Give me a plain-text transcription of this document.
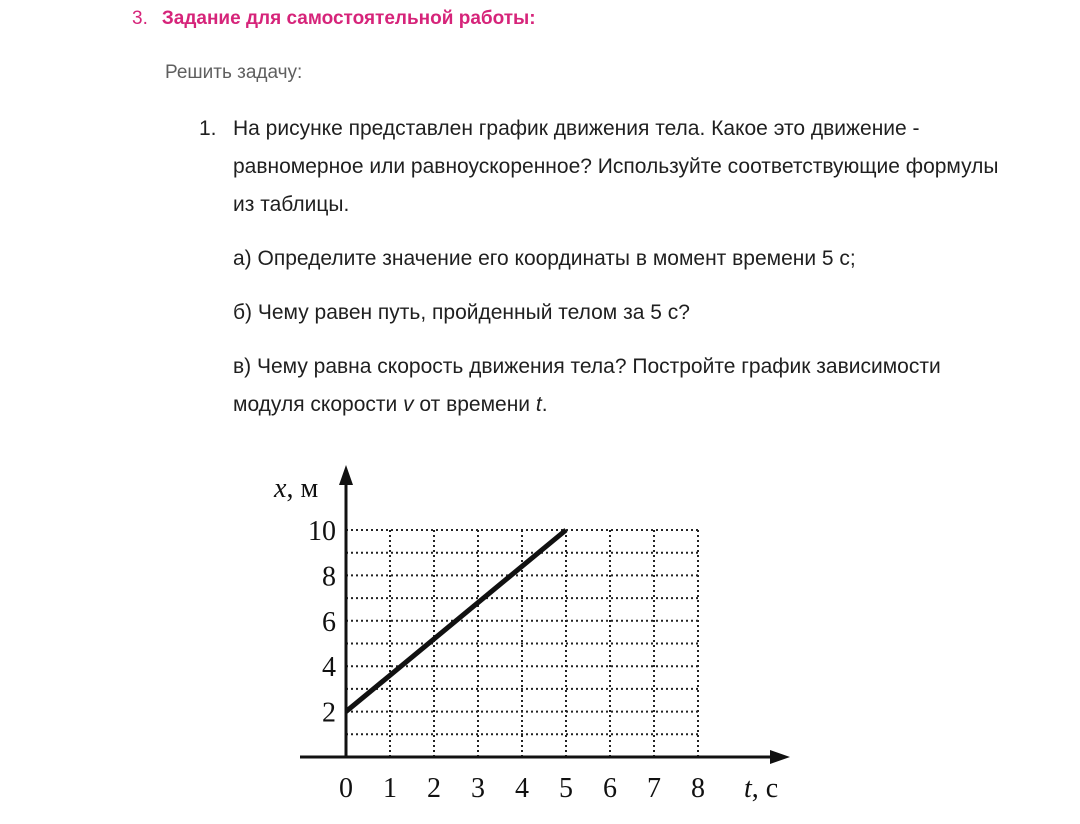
3. Задание для самостоятельной работы:
Решить задачу:
1. На рисунке представлен график движения тела. Какое это движение - равномерное или равноускоренное? Используйте соответствующие формулы из таблицы.

а) Определите значение его координаты в момент времени 5 с;

б) Чему равен путь, пройденный телом за 5 с?

в) Чему равна скорость движения тела? Постройте график зависимости модуля скорости v от времени t.

0 1 2 3 4 5 6 7 8
2
4
6
8
10
t, с
x, м
